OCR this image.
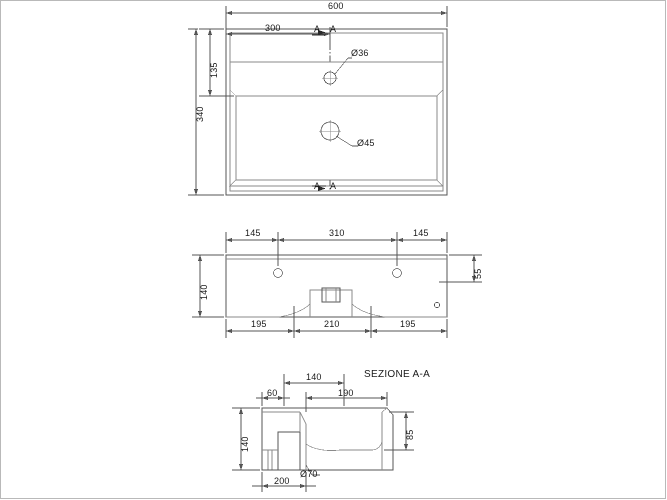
600
300	A A
A A
135
340
Ø36
Ø45
145	310	145
140
55
195	210	195
SEZIONE A-A
140
60	190
140
85
Ø70
200
